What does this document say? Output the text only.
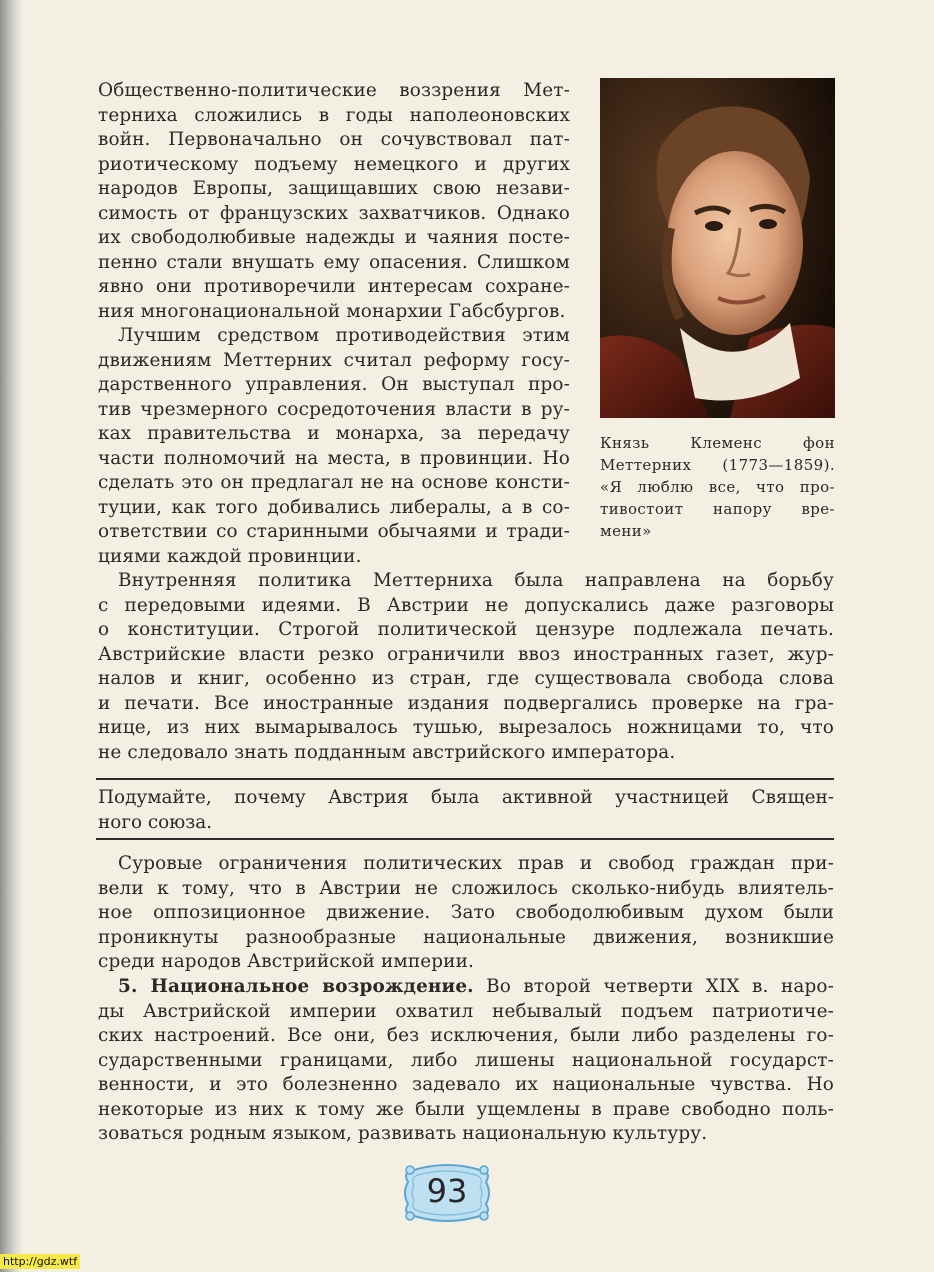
Общественно-политические воззрения Мет-
терниха сложились в годы наполеоновских
войн. Первоначально он сочувствовал пат-
риотическому подъему немецкого и других
народов Европы, защищавших свою незави-
симость от французских захватчиков. Однако
их свободолюбивые надежды и чаяния посте-
пенно стали внушать ему опасения. Слишком
явно они противоречили интересам сохране-
ния многонациональной монархии Габсбургов.

Лучшим средством противодействия этим
движениям Меттерних считал реформу госу-
дарственного управления. Он выступал про-
тив чрезмерного сосредоточения власти в ру-
ках правительства и монарха, за передачу
части полномочий на места, в провинции. Но
сделать это он предлагал не на основе консти-
туции, как того добивались либералы, а в со-
ответствии со старинными обычаями и тради-
циями каждой провинции.

Князь Клеменс фон
Меттерних (1773—1859).
«Я люблю все, что про-
тивостоит напору вре-
мени»

Внутренняя политика Меттерниха была направлена на борьбу
с передовыми идеями. В Австрии не допускались даже разговоры
о конституции. Строгой политической цензуре подлежала печать.
Австрийские власти резко ограничили ввоз иностранных газет, жур-
налов и книг, особенно из стран, где существовала свобода слова
и печати. Все иностранные издания подвергались проверке на гра-
нице, из них вымарывалось тушью, вырезалось ножницами то, что
не следовало знать подданным австрийского императора.

Подумайте, почему Австрия была активной участницей Священ-
ного союза.

Суровые ограничения политических прав и свобод граждан при-
вели к тому, что в Австрии не сложилось сколько-нибудь влиятель-
ное оппозиционное движение. Зато свободолюбивым духом были
проникнуты разнообразные национальные движения, возникшие
среди народов Австрийской империи.

5. Национальное возрождение. Во второй четверти XIX в. наро-
ды Австрийской империи охватил небывалый подъем патриотиче-
ских настроений. Все они, без исключения, были либо разделены го-
сударственными границами, либо лишены национальной государст-
венности, и это болезненно задевало их национальные чувства. Но
некоторые из них к тому же были ущемлены в праве свободно поль-
зоваться родным языком, развивать национальную культуру.

93
http://gdz.wtf
